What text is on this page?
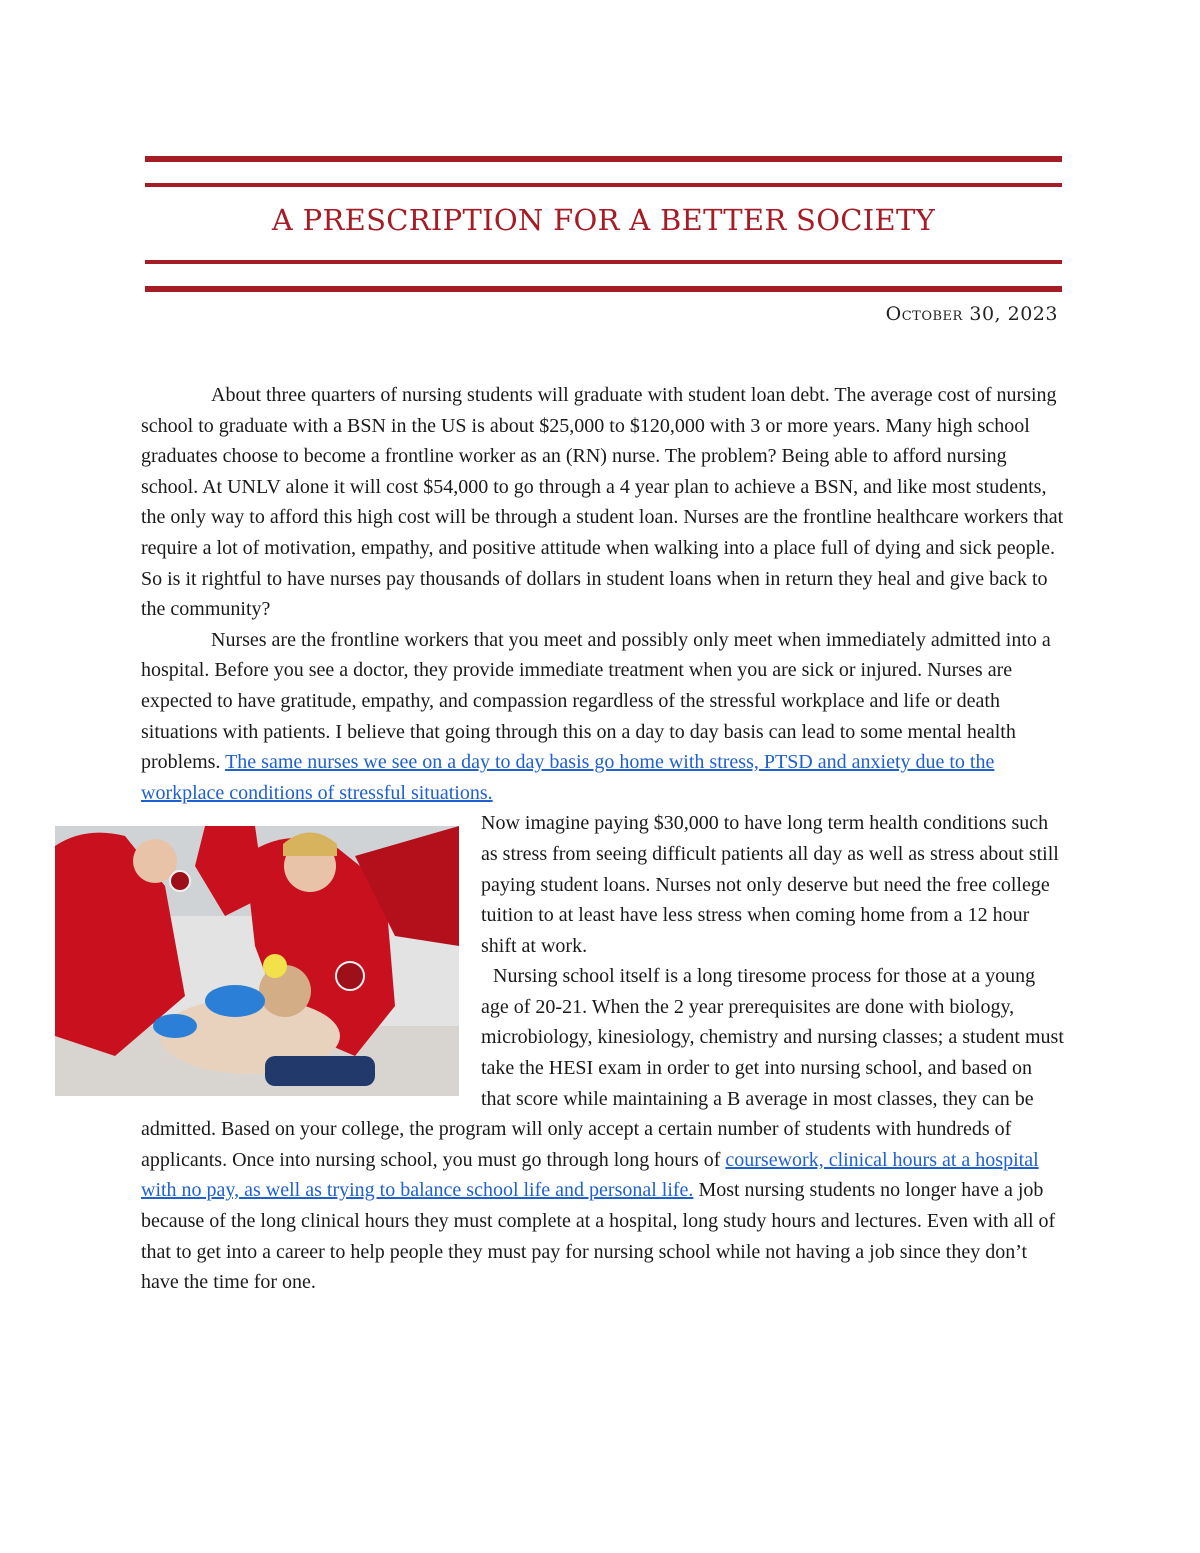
A PRESCRIPTION FOR A BETTER SOCIETY
October 30, 2023

About three quarters of nursing students will graduate with student loan debt. The average cost of nursing school to graduate with a BSN in the US is about $25,000 to $120,000 with 3 or more years. Many high school graduates choose to become a frontline worker as an (RN) nurse. The problem? Being able to afford nursing school. At UNLV alone it will cost $54,000 to go through a 4 year plan to achieve a BSN, and like most students, the only way to afford this high cost will be through a student loan. Nurses are the frontline healthcare workers that require a lot of motivation, empathy, and positive attitude when walking into a place full of dying and sick people. So is it rightful to have nurses pay thousands of dollars in student loans when in return they heal and give back to the community?

Nurses are the frontline workers that you meet and possibly only meet when immediately admitted into a hospital. Before you see a doctor, they provide immediate treatment when you are sick or injured. Nurses are expected to have gratitude, empathy, and compassion regardless of the stressful workplace and life or death situations with patients. I believe that going through this on a day to day basis can lead to some mental health problems. The same nurses we see on a day to day basis go home with stress, PTSD and anxiety due to the workplace conditions of stressful situations.

Now imagine paying $30,000 to have long term health conditions such as stress from seeing difficult patients all day as well as stress about still paying student loans. Nurses not only deserve but need the free college tuition to at least have less stress when coming home from a 12 hour shift at work.

Nursing school itself is a long tiresome process for those at a young age of 20-21. When the 2 year prerequisites are done with biology, microbiology, kinesiology, chemistry and nursing classes; a student must take the HESI exam in order to get into nursing school, and based on that score while maintaining a B average in most classes, they can be admitted. Based on your college, the program will only accept a certain number of students with hundreds of applicants. Once into nursing school, you must go through long hours of coursework, clinical hours at a hospital with no pay, as well as trying to balance school life and personal life. Most nursing students no longer have a job because of the long clinical hours they must complete at a hospital, long study hours and lectures. Even with all of that to get into a career to help people they must pay for nursing school while not having a job since they don’t have the time for one.
